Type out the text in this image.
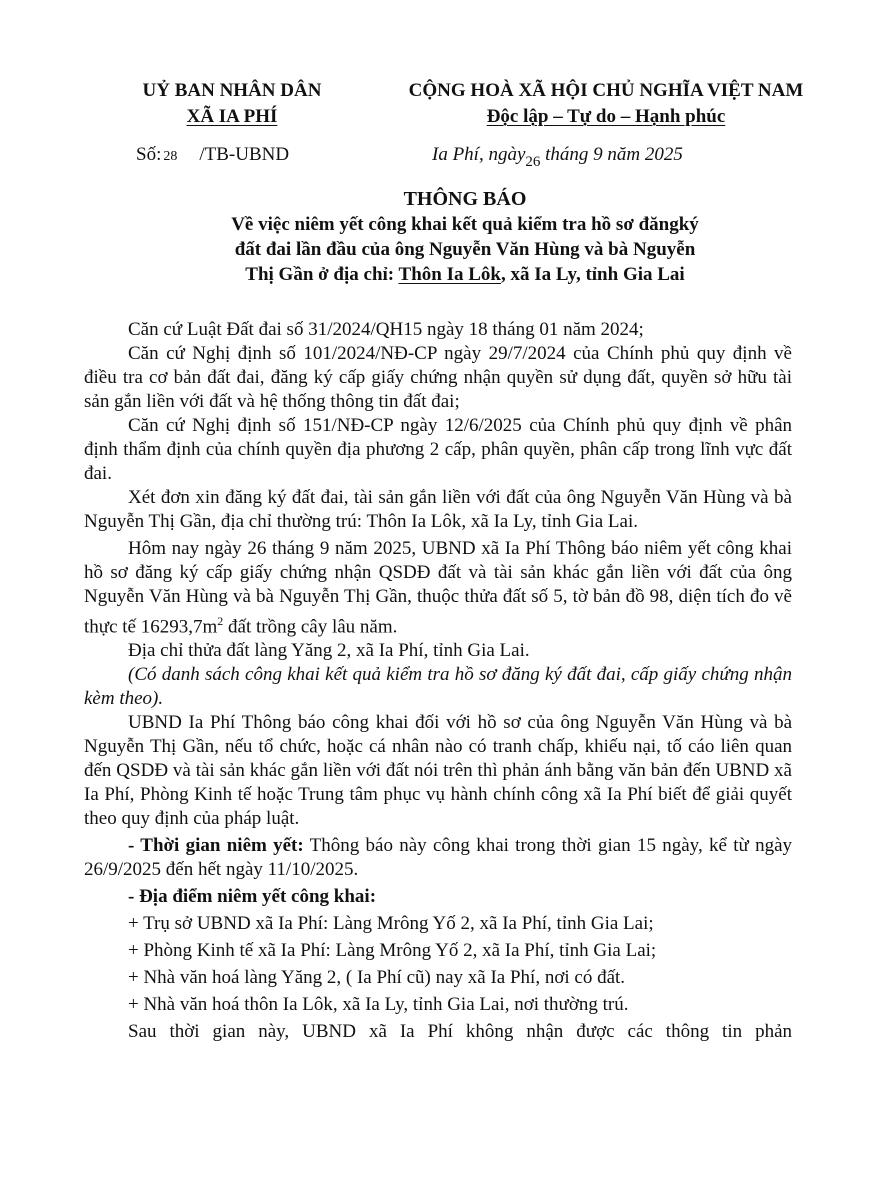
UỶ BAN NHÂN DÂN
XÃ IA PHÍ
CỘNG HOÀ XÃ HỘI CHỦ NGHĨA VIỆT NAM
Độc lập – Tự do – Hạnh phúc
Số: 28 /TB-UBND	Ia Phí, ngày$_{26}$ tháng 9 năm 2025
THÔNG BÁO
Về việc niêm yết công khai kết quả kiểm tra hồ sơ đăngký
đất đai lần đầu của ông Nguyễn Văn Hùng và bà Nguyễn
Thị Gần ở địa chỉ: Thôn Ia Lôk, xã Ia Ly, tỉnh Gia Lai

Căn cứ Luật Đất đai số 31/2024/QH15 ngày 18 tháng 01 năm 2024;

Căn cứ Nghị định số 101/2024/NĐ-CP ngày 29/7/2024 của Chính phủ quy định về điều tra cơ bản đất đai, đăng ký cấp giấy chứng nhận quyền sử dụng đất, quyền sở hữu tài sản gắn liền với đất và hệ thống thông tin đất đai;

Căn cứ Nghị định số 151/NĐ-CP ngày 12/6/2025 của Chính phủ quy định về phân định thẩm định của chính quyền địa phương 2 cấp, phân quyền, phân cấp trong lĩnh vực đất đai.

Xét đơn xin đăng ký đất đai, tài sản gắn liền với đất của ông Nguyễn Văn Hùng và bà Nguyễn Thị Gần, địa chỉ thường trú: Thôn Ia Lôk, xã Ia Ly, tỉnh Gia Lai.

Hôm nay ngày 26 tháng 9 năm 2025, UBND xã Ia Phí Thông báo niêm yết công khai hồ sơ đăng ký cấp giấy chứng nhận QSDĐ đất và tài sản khác gắn liền với đất của ông Nguyễn Văn Hùng và bà Nguyễn Thị Gần, thuộc thửa đất số 5, tờ bản đồ 98, diện tích đo vẽ thực tế $16293,7m^2$ đất trồng cây lâu năm.

Địa chỉ thửa đất làng Yăng 2, xã Ia Phí, tỉnh Gia Lai.

(Có danh sách công khai kết quả kiểm tra hồ sơ đăng ký đất đai, cấp giấy chứng nhận kèm theo).

UBND Ia Phí Thông báo công khai đối với hồ sơ của ông Nguyễn Văn Hùng và bà Nguyễn Thị Gần, nếu tổ chức, hoặc cá nhân nào có tranh chấp, khiếu nại, tố cáo liên quan đến QSDĐ và tài sản khác gắn liền với đất nói trên thì phản ánh bằng văn bản đến UBND xã Ia Phí, Phòng Kinh tế hoặc Trung tâm phục vụ hành chính công xã Ia Phí biết để giải quyết theo quy định của pháp luật.

- Thời gian niêm yết: Thông báo này công khai trong thời gian 15 ngày, kể từ ngày 26/9/2025 đến hết ngày 11/10/2025.

- Địa điểm niêm yết công khai:

+ Trụ sở UBND xã Ia Phí: Làng Mrông Yố 2, xã Ia Phí, tỉnh Gia Lai;

+ Phòng Kinh tế xã Ia Phí: Làng Mrông Yố 2, xã Ia Phí, tỉnh Gia Lai;

+ Nhà văn hoá làng Yăng 2, ( Ia Phí cũ) nay xã Ia Phí, nơi có đất.

+ Nhà văn hoá thôn Ia Lôk, xã Ia Ly, tỉnh Gia Lai, nơi thường trú.

Sau thời gian này, UBND xã Ia Phí không nhận được các thông tin phản
